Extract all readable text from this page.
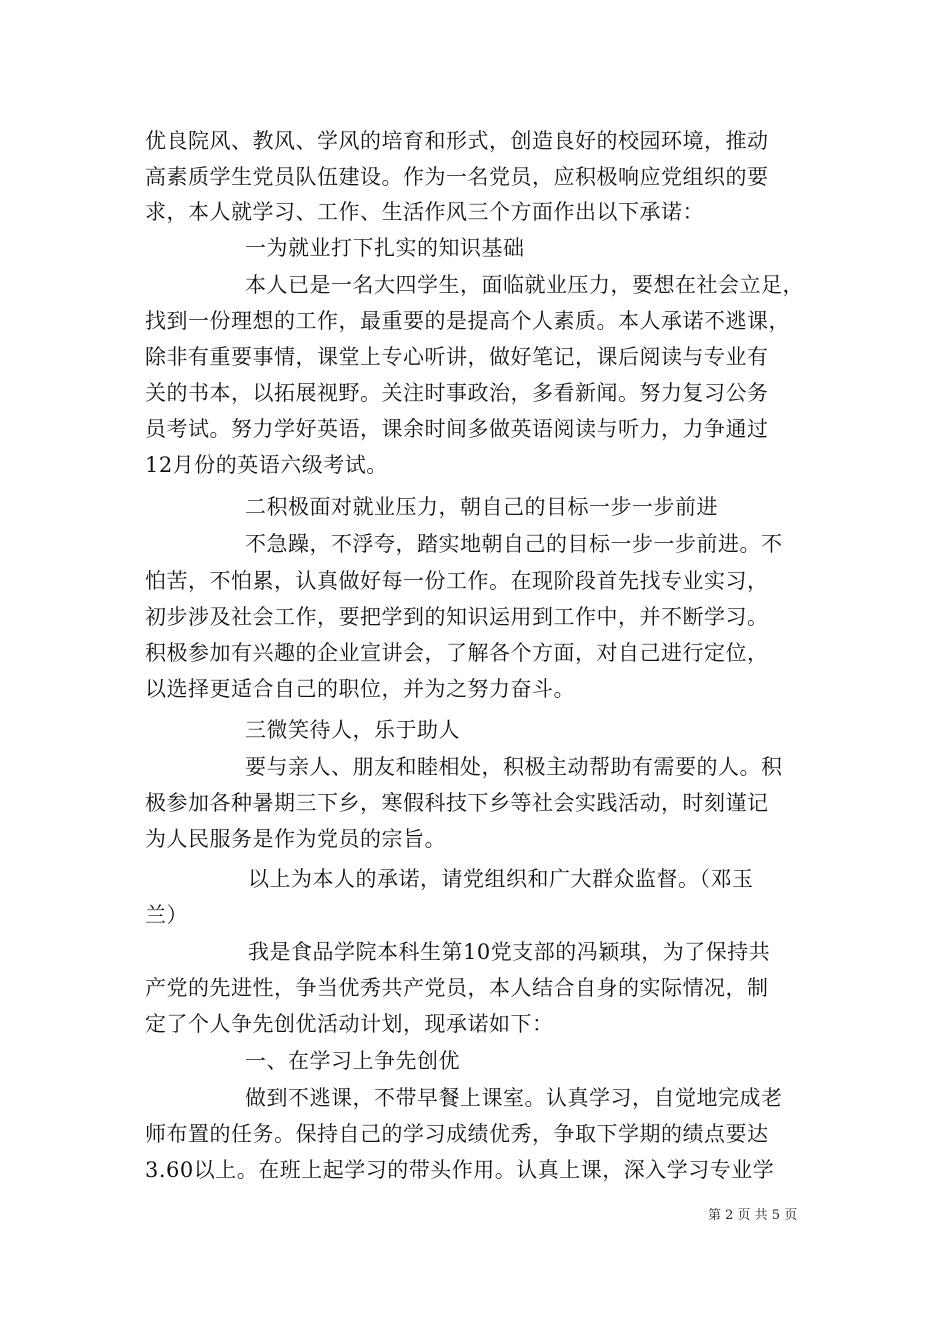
优良院风、教风、学风的培育和形式，创造良好的校园环境，推动
高素质学生党员队伍建设。作为一名党员，应积极响应党组织的要
求，本人就学习、工作、生活作风三个方面作出以下承诺：
一为就业打下扎实的知识基础
本人已是一名大四学生，面临就业压力，要想在社会立足，
找到一份理想的工作，最重要的是提高个人素质。本人承诺不逃课，
除非有重要事情，课堂上专心听讲，做好笔记，课后阅读与专业有
关的书本，以拓展视野。关注时事政治，多看新闻。努力复习公务
员考试。努力学好英语，课余时间多做英语阅读与听力，力争通过
12月份的英语六级考试。
二积极面对就业压力，朝自己的目标一步一步前进
不急躁，不浮夸，踏实地朝自己的目标一步一步前进。不
怕苦，不怕累，认真做好每一份工作。在现阶段首先找专业实习，
初步涉及社会工作，要把学到的知识运用到工作中，并不断学习。
积极参加有兴趣的企业宣讲会，了解各个方面，对自己进行定位，
以选择更适合自己的职位，并为之努力奋斗。
三微笑待人，乐于助人
要与亲人、朋友和睦相处，积极主动帮助有需要的人。积
极参加各种暑期三下乡，寒假科技下乡等社会实践活动，时刻谨记
为人民服务是作为党员的宗旨。
以上为本人的承诺，请党组织和广大群众监督。（邓玉
兰）
我是食品学院本科生第10党支部的冯颖琪，为了保持共
产党的先进性，争当优秀共产党员，本人结合自身的实际情况，制
定了个人争先创优活动计划，现承诺如下：
一、在学习上争先创优
做到不逃课，不带早餐上课室。认真学习，自觉地完成老
师布置的任务。保持自己的学习成绩优秀，争取下学期的绩点要达
3.60以上。在班上起学习的带头作用。认真上课，深入学习专业学
第 2 页 共 5 页
